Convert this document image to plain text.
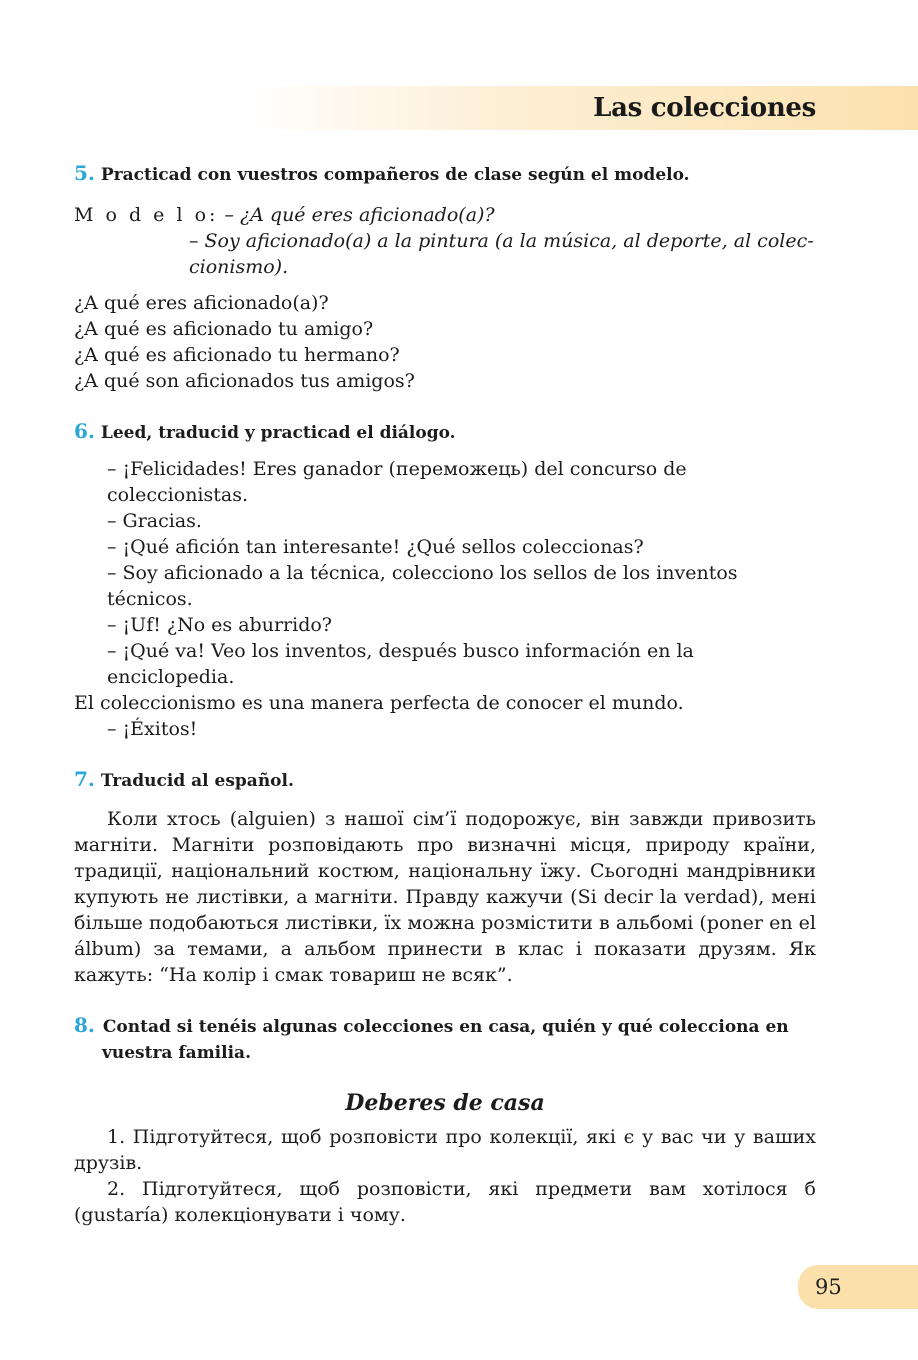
Las colecciones

5. Practicad con vuestros compañeros de clase según el modelo.

M o d e l o: – ¿A qué eres aficionado(a)?
– Soy aficionado(a) a la pintura (a la música, al deporte, al colec-
cionismo).

¿A qué eres aficionado(a)?

¿A qué es aficionado tu amigo?

¿A qué es aficionado tu hermano?

¿A qué son aficionados tus amigos?

6. Leed, traducid y practicad el diálogo.

– ¡Felicidades! Eres ganador (переможець) del concurso de coleccionistas.

– Gracias.

– ¡Qué afición tan interesante! ¿Qué sellos coleccionas?

– Soy aficionado a la técnica, colecciono los sellos de los inventos técnicos.

– ¡Uf! ¿No es aburrido?

– ¡Qué va! Veo los inventos, después busco información en la enciclopedia.

El coleccionismo es una manera perfecta de conocer el mundo.

– ¡Éxitos!

7. Traducid al español.

Коли хтось (alguien) з нашої сім’ї подорожує, він завжди привозить магніти. Магніти розповідають про визначні місця, природу країни, традиції, національний костюм, національну їжу. Сьогодні мандрівники купують не листівки, а магніти. Правду кажучи (Si decir la verdad), мені більше подобаються листівки, їх можна розмістити в альбомі (poner en el álbum) за темами, а альбом принести в клас і показати друзям. Як кажуть: “На колір і смак товариш не всяк”.

8. Contad si tenéis algunas colecciones en casa, quién y qué colecciona en vuestra familia.

Deberes de casa

1. Підготуйтеся, щоб розповісти про колекції, які є у вас чи у ваших друзів.

2. Підготуйтеся, щоб розповісти, які предмети вам хотілося б (gustaría) колекціонувати і чому.

95
